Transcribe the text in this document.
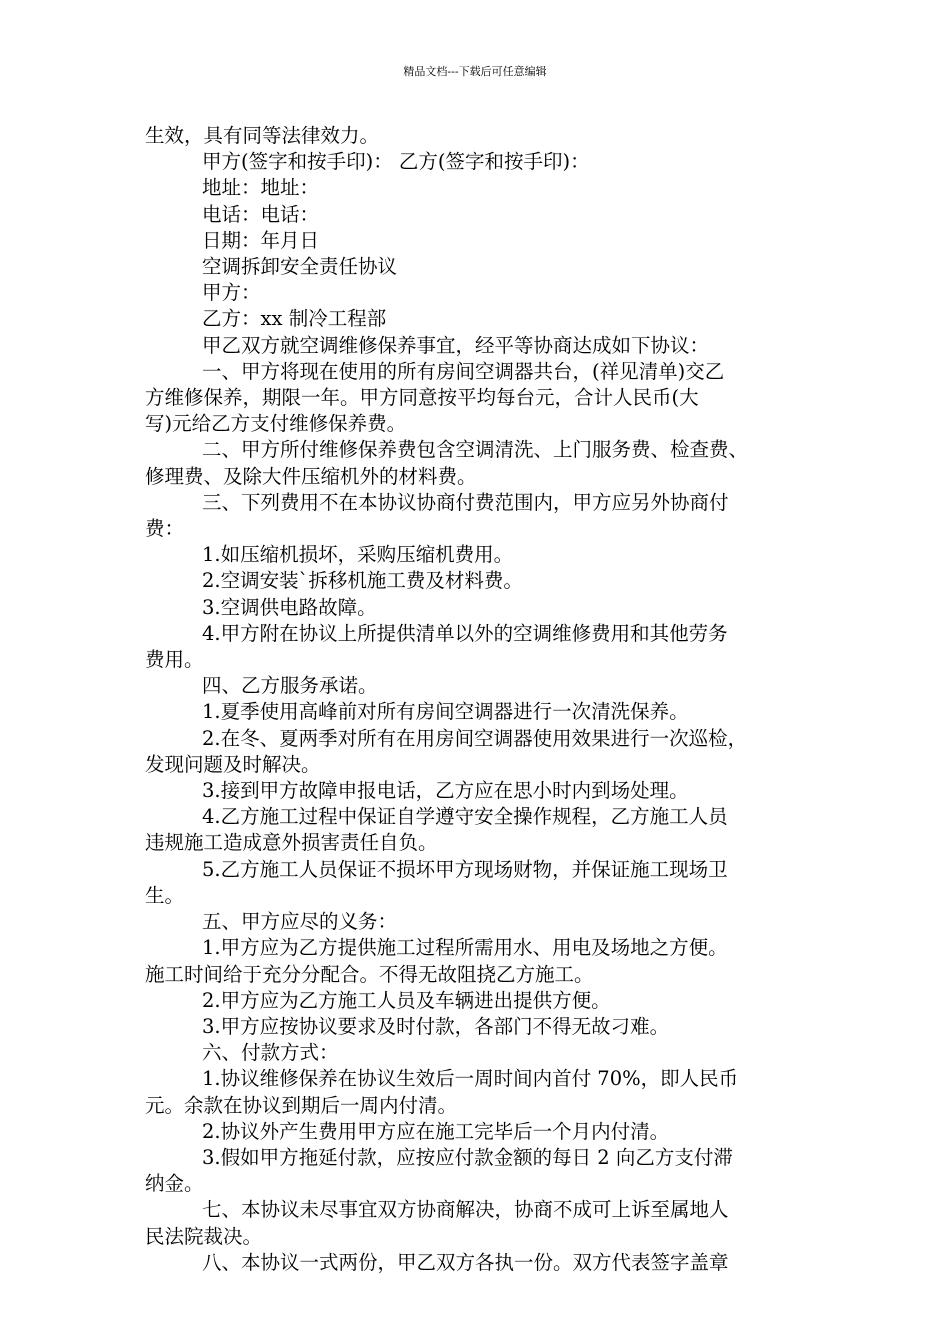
精品文档---下载后可任意编辑

生效，具有同等法律效力。

甲方(签字和按手印)： 乙方(签字和按手印)：

地址：地址：

电话：电话：

日期：年月日

空调拆卸安全责任协议

甲方：

乙方：xx 制冷工程部

甲乙双方就空调维修保养事宜，经平等协商达成如下协议：

一、甲方将现在使用的所有房间空调器共台，(祥见清单)交乙

方维修保养，期限一年。甲方同意按平均每台元，合计人民币(大

写)元给乙方支付维修保养费。

二、甲方所付维修保养费包含空调清洗、上门服务费、检查费、

修理费、及除大件压缩机外的材料费。

三、下列费用不在本协议协商付费范围内，甲方应另外协商付

费：

1.如压缩机损坏，采购压缩机费用。

2.空调安装`拆移机施工费及材料费。

3.空调供电路故障。

4.甲方附在协议上所提供清单以外的空调维修费用和其他劳务

费用。

四、乙方服务承诺。

1.夏季使用高峰前对所有房间空调器进行一次清洗保养。

2.在冬、夏两季对所有在用房间空调器使用效果进行一次巡检，

发现问题及时解决。

3.接到甲方故障申报电话，乙方应在思小时内到场处理。

4.乙方施工过程中保证自学遵守安全操作规程，乙方施工人员

违规施工造成意外损害责任自负。

5.乙方施工人员保证不损坏甲方现场财物，并保证施工现场卫

生。

五、甲方应尽的义务：

1.甲方应为乙方提供施工过程所需用水、用电及场地之方便。

施工时间给于充分分配合。不得无故阻挠乙方施工。

2.甲方应为乙方施工人员及车辆进出提供方便。

3.甲方应按协议要求及时付款，各部门不得无故刁难。

六、付款方式：

1.协议维修保养在协议生效后一周时间内首付 70%，即人民币

元。余款在协议到期后一周内付清。

2.协议外产生费用甲方应在施工完毕后一个月内付清。

3.假如甲方拖延付款，应按应付款金额的每日 2 向乙方支付滞

纳金。

七、本协议未尽事宜双方协商解决，协商不成可上诉至属地人

民法院裁决。

八、本协议一式两份，甲乙双方各执一份。双方代表签字盖章
